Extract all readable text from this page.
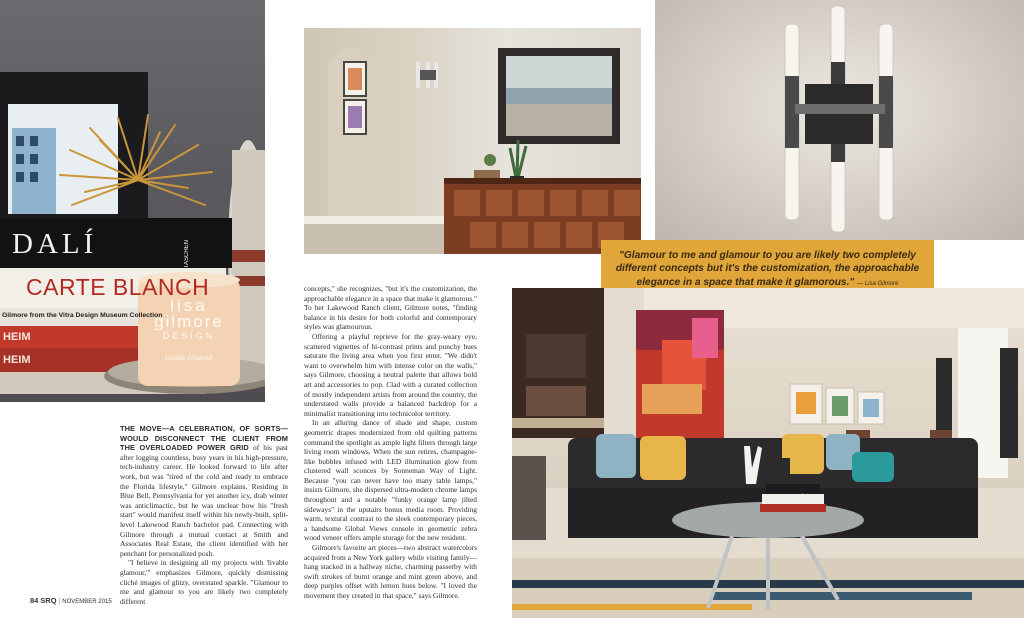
DALÍ	TASCHEN
CARTE BLANCH
Gilmore from the Vitra Design Museum Collection
HEIM
HEIM
lisa
gilmore
DESIGN
Livable Glamour
"Glamour to me and glamour to you are likely two completely different concepts but it's the customization, the approachable elegance in a space that make it glamorous." — Lisa Gilmore
DALÍ

THE MOVE—A CELEBRATION, OF SORTS—WOULD DISCONNECT THE CLIENT FROM THE OVERLOADED POWER GRID of his past after logging countless, busy years in his high-pressure, tech-industry career. He looked forward to life after work, but was "tired of the cold and ready to embrace the Florida lifestyle," Gilmore explains. Residing in Blue Bell, Pennsylvania for yet another icy, drab winter was anticlimactic, but he was unclear how his "fresh start" would manifest itself within his newly-built, split-level Lakewood Ranch bachelor pad. Connecting with Gilmore through a mutual contact at Smith and Associates Real Estate, the client identified with her penchant for personalized posh.

"I believe in designing all my projects with 'livable glamour,'" emphasizes Gilmore, quickly dismissing cliché images of glitzy, overstated sparkle. "Glamour to me and glamour to you are likely two completely different

concepts," she recognizes, "but it's the customization, the approachable elegance in a space that make it glamorous." To her Lakewood Ranch client, Gilmore notes, "finding balance in his desire for both colorful and contemporary styles was glamourous.

Offering a playful reprieve for the gray-weary eye, scattered vignettes of hi-contrast prints and punchy hues saturate the living area when you first enter. "We didn't want to overwhelm him with intense color on the walls," says Gilmore, choosing a neutral palette that allows bold art and accessories to pop. Clad with a curated collection of mostly independent artists from around the country, the understated walls provide a balanced backdrop for a minimalist transitioning into technicolor territory.

In an alluring dance of shade and shape, custom geometric drapes modernized from old quilting patterns command the spotlight as ample light filters through large living room windows. When the sun retires, champagne-like bubbles infused with LED illumination glow from clustered wall sconces by Sonneman Way of Light. Because "you can never have too many table lamps," insists Gilmore, she dispersed ultra-modern chrome lamps throughout and a notable "funky orange lamp jilted sideways" in the upstairs bonus media room. Providing warm, textural contrast to the sleek contemporary pieces, a handsome Global Views console in geometric zebra wood veneer offers ample storage for the new resident.

Gilmore's favorite art pieces—two abstract watercolors acquired from a New York gallery while visiting family—hang stacked in a hallway niche, charming passerby with swift strokes of burnt orange and mint green above, and deep purples offset with lemon hues below. "I loved the movement they created in that space," says Gilmore.

84 SRQ | NOVEMBER 2015
